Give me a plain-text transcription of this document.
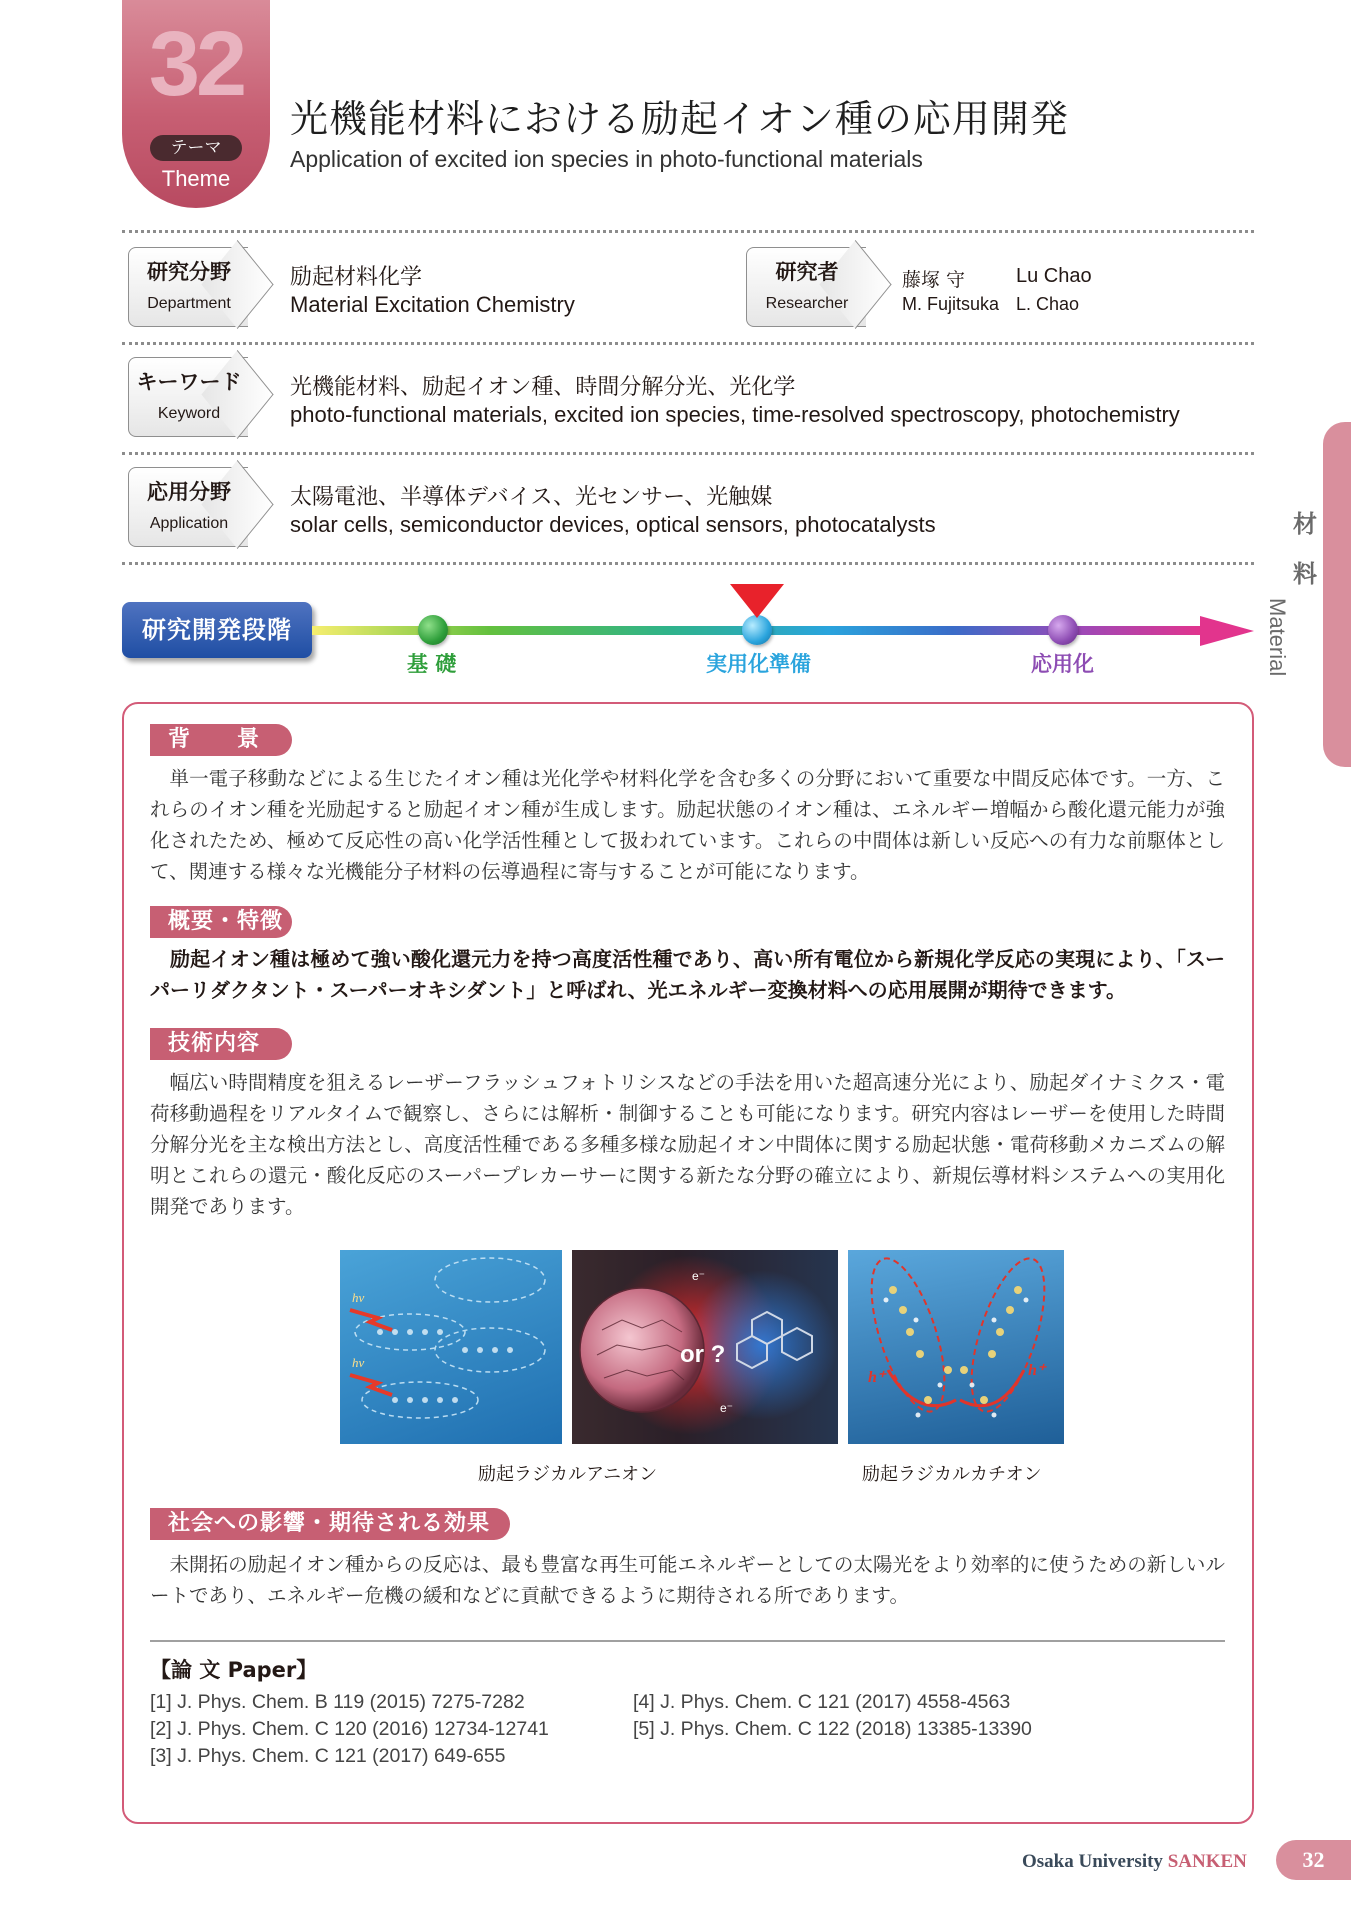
32
テーマ
Theme
光機能材料における励起イオン種の応用開発
Application of excited ion species in photo-functional materials
研究分野
Department
励起材料化学
Material Excitation Chemistry
研究者
Researcher
藤塚 守
M. Fujitsuka
Lu Chao
L. Chao
キーワード
Keyword
光機能材料、励起イオン種、時間分解分光、光化学
photo-functional materials, excited ion species, time-resolved spectroscopy, photochemistry
応用分野
Application
太陽電池、半導体デバイス、光センサー、光触媒
solar cells, semiconductor devices, optical sensors, photocatalysts
研究開発段階
基 礎	実用化準備	応用化
材
料
Material
背　　景

単一電子移動などによる生じたイオン種は光化学や材料化学を含む多くの分野において重要な中間反応体です。一方、これらのイオン種を光励起すると励起イオン種が生成します。励起状態のイオン種は、エネルギー増幅から酸化還元能力が強化されたため、極めて反応性の高い化学活性種として扱われています。これらの中間体は新しい反応への有力な前駆体として、関連する様々な光機能分子材料の伝導過程に寄与することが可能になります。

概要・特徴

励起イオン種は極めて強い酸化還元力を持つ高度活性種であり、高い所有電位から新規化学反応の実現により、「スーパーリダクタント・スーパーオキシダント」と呼ばれ、光エネルギー変換材料への応用展開が期待できます。

技術内容

幅広い時間精度を狙えるレーザーフラッシュフォトリシスなどの手法を用いた超高速分光により、励起ダイナミクス・電荷移動過程をリアルタイムで観察し、さらには解析・制御することも可能になります。研究内容はレーザーを使用した時間分解分光を主な検出方法とし、高度活性種である多種多様な励起イオン中間体に関する励起状態・電荷移動メカニズムの解明とこれらの還元・酸化反応のスーパープレカーサーに関する新たな分野の確立により、新規伝導材料システムへの実用化開発であります。

hν
hν	or ?
e⁻
e⁻
h⁺	h⁺
励起ラジカルアニオン	励起ラジカルカチオン
社会への影響・期待される効果

未開拓の励起イオン種からの反応は、最も豊富な再生可能エネルギーとしての太陽光をより効率的に使うための新しいルートであり、エネルギー危機の緩和などに貢献できるように期待される所であります。

【論 文 Paper】
[1] J. Phys. Chem. B 119 (2015) 7275-7282
[2] J. Phys. Chem. C 120 (2016) 12734-12741
[3] J. Phys. Chem. C 121 (2017) 649-655
[4] J. Phys. Chem. C 121 (2017) 4558-4563
[5] J. Phys. Chem. C 122 (2018) 13385-13390
Osaka University SANKEN	32
